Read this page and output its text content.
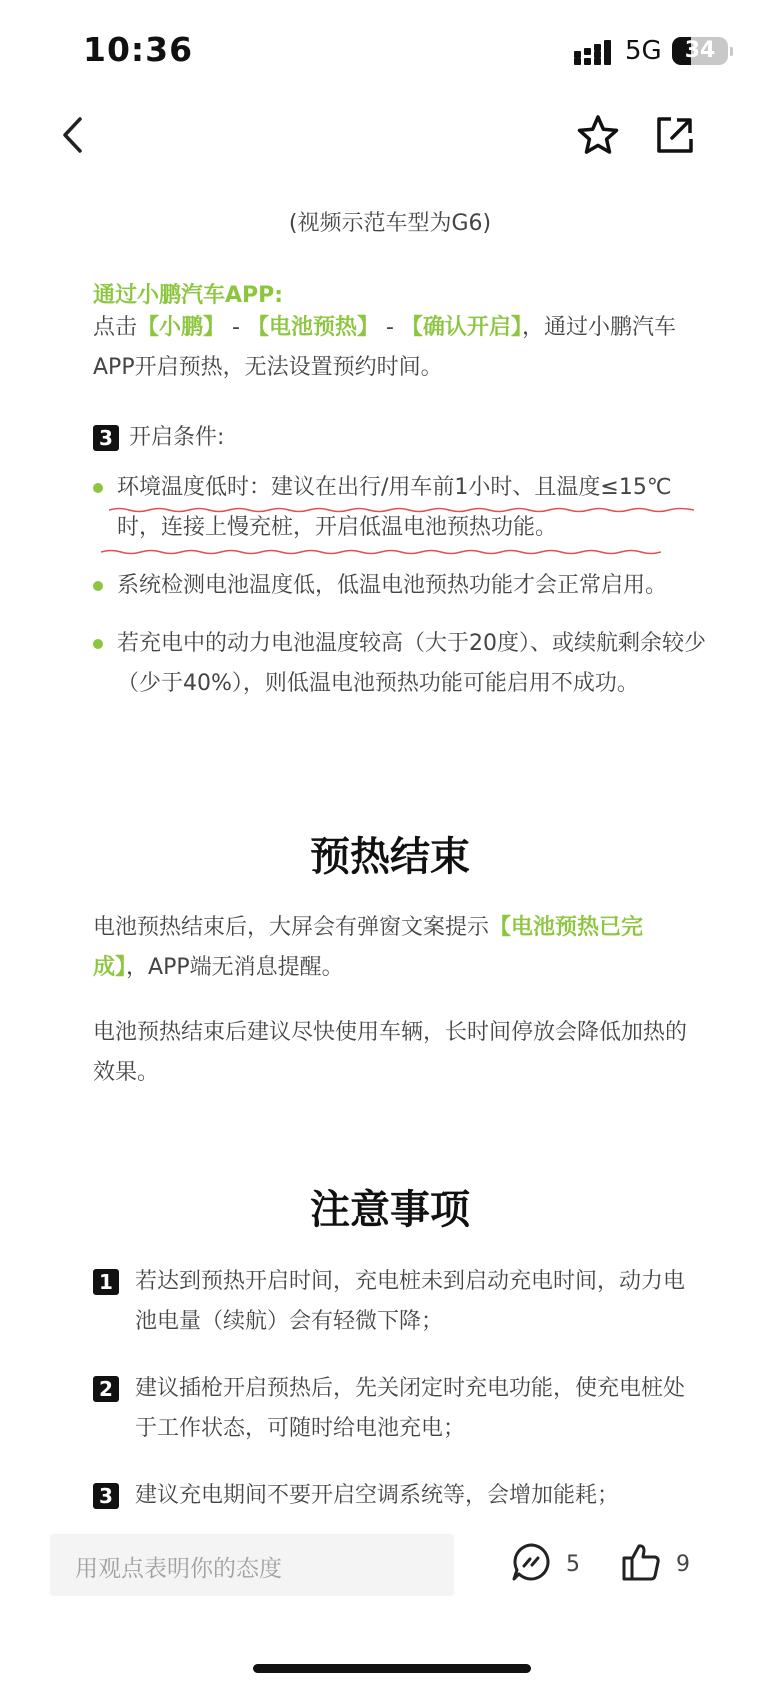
10:36	5G	34
(视频示范车型为G6)
通过小鹏汽车APP:
点击【小鹏】 - 【电池预热】 - 【确认开启】，通过小鹏汽车APP开启预热，无法设置预约时间。
3 开启条件:
环境温度低时：建议在出行/用车前1小时、且温度≤15℃时，连接上慢充桩，开启低温电池预热功能。
系统检测电池温度低，低温电池预热功能才会正常启用。
若充电中的动力电池温度较高（大于20度）、或续航剩余较少（少于40%），则低温电池预热功能可能启用不成功。
预热结束
电池预热结束后，大屏会有弹窗文案提示【电池预热已完成】，APP端无消息提醒。
电池预热结束后建议尽快使用车辆，长时间停放会降低加热的效果。
注意事项
1 若达到预热开启时间，充电桩未到启动充电时间，动力电池电量（续航）会有轻微下降；
2 建议插枪开启预热后，先关闭定时充电功能，使充电桩处于工作状态，可随时给电池充电；
3 建议充电期间不要开启空调系统等，会增加能耗；
用观点表明你的态度	5	9
